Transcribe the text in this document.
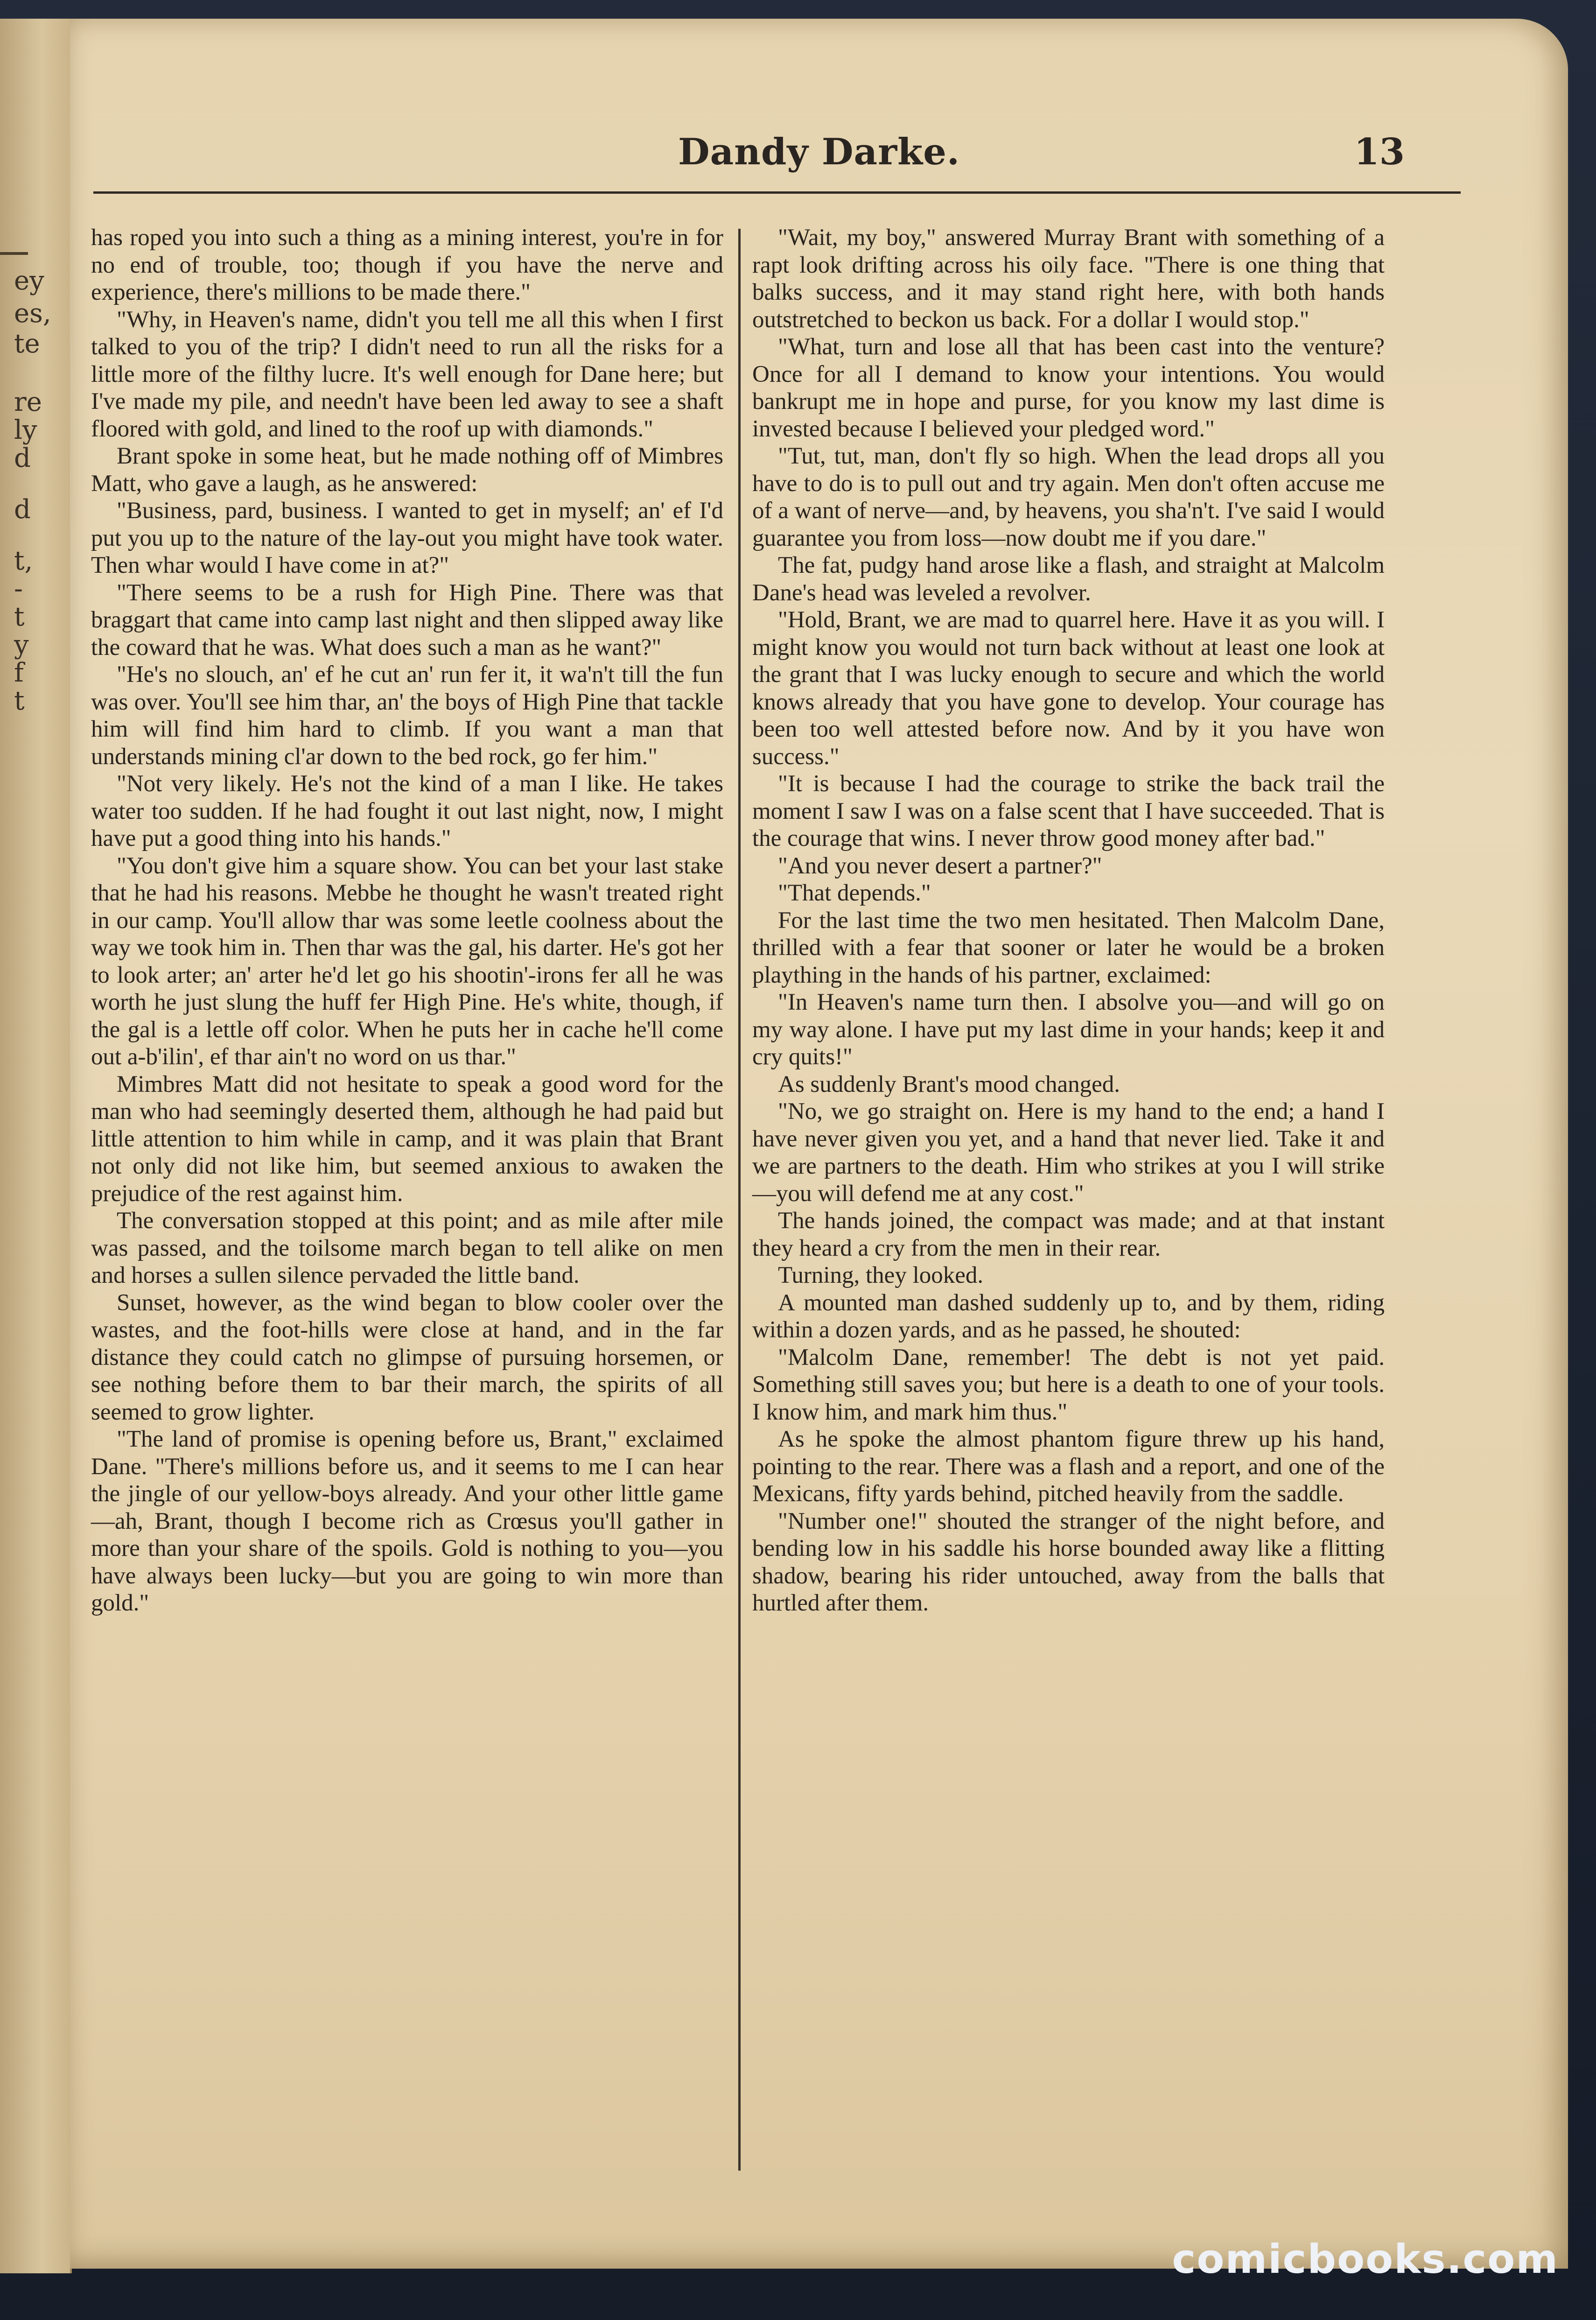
ey
es,
te
re
ly
d
d
t,
-
t
y
f
t
Dandy Darke.	13

has roped you into such a thing as a mining interest, you're in for no end of trouble, too; though if you have the nerve and experience, there's millions to be made there."

"Why, in Heaven's name, didn't you tell me all this when I first talked to you of the trip? I didn't need to run all the risks for a little more of the filthy lucre. It's well enough for Dane here; but I've made my pile, and needn't have been led away to see a shaft floored with gold, and lined to the roof up with diamonds."

Brant spoke in some heat, but he made nothing off of Mimbres Matt, who gave a laugh, as he answered:

"Business, pard, business. I wanted to get in myself; an' ef I'd put you up to the nature of the lay-out you might have took water. Then whar would I have come in at?"

"There seems to be a rush for High Pine. There was that braggart that came into camp last night and then slipped away like the coward that he was. What does such a man as he want?"

"He's no slouch, an' ef he cut an' run fer it, it wa'n't till the fun was over. You'll see him thar, an' the boys of High Pine that tackle him will find him hard to climb. If you want a man that understands mining cl'ar down to the bed rock, go fer him."

"Not very likely. He's not the kind of a man I like. He takes water too sudden. If he had fought it out last night, now, I might have put a good thing into his hands."

"You don't give him a square show. You can bet your last stake that he had his reasons. Mebbe he thought he wasn't treated right in our camp. You'll allow thar was some leetle coolness about the way we took him in. Then thar was the gal, his darter. He's got her to look arter; an' arter he'd let go his shootin'-irons fer all he was worth he just slung the huff fer High Pine. He's white, though, if the gal is a lettle off color. When he puts her in cache he'll come out a-b'ilin', ef thar ain't no word on us thar."

Mimbres Matt did not hesitate to speak a good word for the man who had seemingly deserted them, although he had paid but little attention to him while in camp, and it was plain that Brant not only did not like him, but seemed anxious to awaken the prejudice of the rest against him.

The conversation stopped at this point; and as mile after mile was passed, and the toilsome march began to tell alike on men and horses a sullen silence pervaded the little band.

Sunset, however, as the wind began to blow cooler over the wastes, and the foot-hills were close at hand, and in the far distance they could catch no glimpse of pursuing horsemen, or see nothing before them to bar their march, the spirits of all seemed to grow lighter.

"The land of promise is opening before us, Brant," exclaimed Dane. "There's millions before us, and it seems to me I can hear the jingle of our yellow-boys already. And your other little game—ah, Brant, though I become rich as Crœsus you'll gather in more than your share of the spoils. Gold is nothing to you—you have always been lucky—but you are going to win more than gold."

"Wait, my boy," answered Murray Brant with something of a rapt look drifting across his oily face. "There is one thing that balks success, and it may stand right here, with both hands outstretched to beckon us back. For a dollar I would stop."

"What, turn and lose all that has been cast into the venture? Once for all I demand to know your intentions. You would bankrupt me in hope and purse, for you know my last dime is invested because I believed your pledged word."

"Tut, tut, man, don't fly so high. When the lead drops all you have to do is to pull out and try again. Men don't often accuse me of a want of nerve—and, by heavens, you sha'n't. I've said I would guarantee you from loss—now doubt me if you dare."

The fat, pudgy hand arose like a flash, and straight at Malcolm Dane's head was leveled a revolver.

"Hold, Brant, we are mad to quarrel here. Have it as you will. I might know you would not turn back without at least one look at the grant that I was lucky enough to secure and which the world knows already that you have gone to develop. Your courage has been too well attested before now. And by it you have won success."

"It is because I had the courage to strike the back trail the moment I saw I was on a false scent that I have succeeded. That is the courage that wins. I never throw good money after bad."

"And you never desert a partner?"

"That depends."

For the last time the two men hesitated. Then Malcolm Dane, thrilled with a fear that sooner or later he would be a broken plaything in the hands of his partner, exclaimed:

"In Heaven's name turn then. I absolve you—and will go on my way alone. I have put my last dime in your hands; keep it and cry quits!"

As suddenly Brant's mood changed.

"No, we go straight on. Here is my hand to the end; a hand I have never given you yet, and a hand that never lied. Take it and we are partners to the death. Him who strikes at you I will strike—you will defend me at any cost."

The hands joined, the compact was made; and at that instant they heard a cry from the men in their rear.

Turning, they looked.

A mounted man dashed suddenly up to, and by them, riding within a dozen yards, and as he passed, he shouted:

"Malcolm Dane, remember! The debt is not yet paid. Something still saves you; but here is a death to one of your tools. I know him, and mark him thus."

As he spoke the almost phantom figure threw up his hand, pointing to the rear. There was a flash and a report, and one of the Mexicans, fifty yards behind, pitched heavily from the saddle.

"Number one!" shouted the stranger of the night before, and bending low in his saddle his horse bounded away like a flitting shadow, bearing his rider untouched, away from the balls that hurtled after them.

comicbooks.com
